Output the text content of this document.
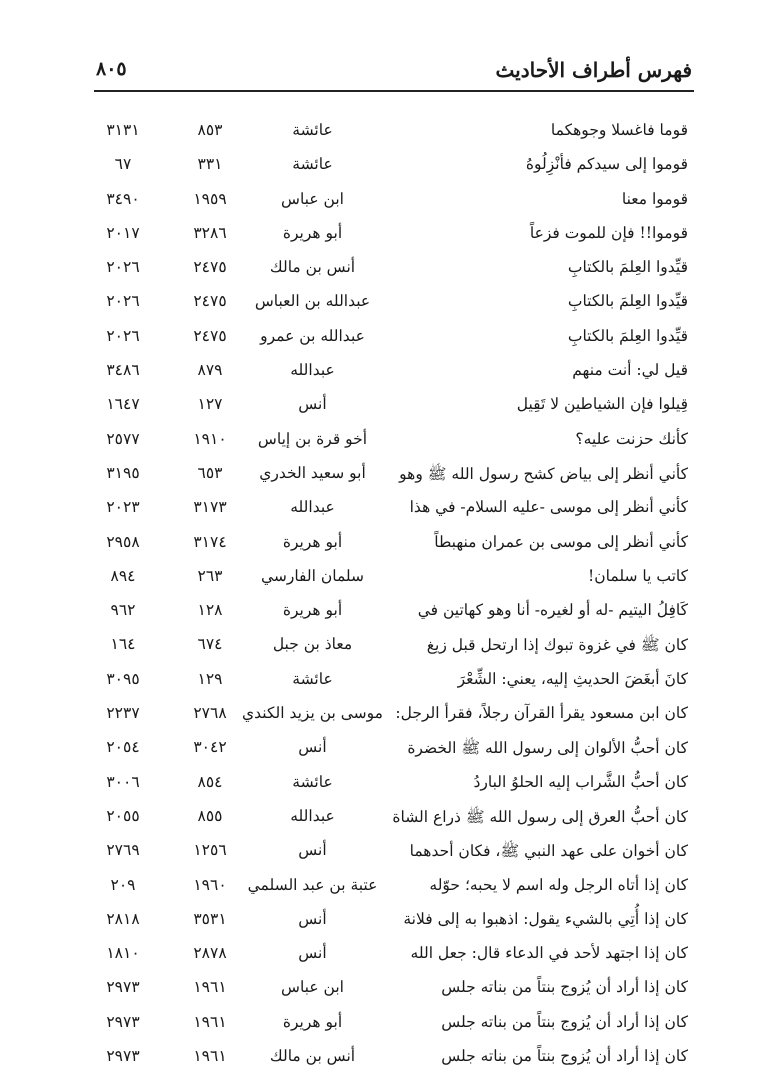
فهرس أطراف الأحاديث
٨٠٥
قوما فاغسلا وجوهكما
عائشة
٨٥٣
٣١٣١
قوموا إلى سيدكم فأنْزِلُوهُ
عائشة
٣٣١
٦٧
قوموا معنا
ابن عباس
١٩٥٩
٣٤٩٠
قوموا!! فإن للموت فزعاً
أبو هريرة
٣٢٨٦
٢٠١٧
قيِّدوا العِلمَ بالكتابِ
أنس بن مالك
٢٤٧٥
٢٠٢٦
قيِّدوا العِلمَ بالكتابِ
عبدالله بن العباس
٢٤٧٥
٢٠٢٦
قيِّدوا العِلمَ بالكتابِ
عبدالله بن عمرو
٢٤٧٥
٢٠٢٦
قيل لي: أنت منهم
عبدالله
٨٧٩
٣٤٨٦
قِيلوا فإن الشياطين لا تَقِيل
أنس
١٢٧
١٦٤٧
كأنك حزنت عليه؟
أخو قرة بن إياس
١٩١٠
٢٥٧٧
كأني أنظر إلى بياض كشح رسول الله ﷺ وهو
أبو سعيد الخدري
٦٥٣
٣١٩٥
كأني أنظر إلى موسى -عليه السلام- في هذا
عبدالله
٣١٧٣
٢٠٢٣
كأني أنظر إلى موسى بن عمران منهبطاً
أبو هريرة
٣١٧٤
٢٩٥٨
كاتب يا سلمان!
سلمان الفارسي
٢٦٣
٨٩٤
كَافِلُ اليتيم -له أو لغيره- أنا وهو كهاتين في
أبو هريرة
١٢٨
٩٦٢
كان ﷺ في غزوة تبوك إذا ارتحل قبل زيغ
معاذ بن جبل
٦٧٤
١٦٤
كانَ أبغَضَ الحديثِ إليه، يعني: الشِّعْرَ
عائشة
١٢٩
٣٠٩٥
كان ابن مسعود يقرأ القرآن رجلاً، فقرأ الرجل:
موسى بن يزيد الكندي
٢٧٦٨
٢٢٣٧
كان أحبُّ الألوان إلى رسول الله ﷺ الخضرة
أنس
٣٠٤٢
٢٠٥٤
كان أحبُّ الشَّراب إليه الحلوُ الباردُ
عائشة
٨٥٤
٣٠٠٦
كان أحبُّ العرق إلى رسول الله ﷺ ذراع الشاة
عبدالله
٨٥٥
٢٠٥٥
كان أخوان على عهد النبي ﷺ، فكان أحدهما
أنس
١٢٥٦
٢٧٦٩
كان إذا أتاه الرجل وله اسم لا يحبه؛ حوّله
عتبة بن عبد السلمي
١٩٦٠
٢٠٩
كان إذا أُتِي بالشيء يقول: اذهبوا به إلى فلانة
أنس
٣٥٣١
٢٨١٨
كان إذا اجتهد لأحد في الدعاء قال: جعل الله
أنس
٢٨٧٨
١٨١٠
كان إذا أراد أن يُزوج بنتاً من بناته جلس
ابن عباس
١٩٦١
٢٩٧٣
كان إذا أراد أن يُزوج بنتاً من بناته جلس
أبو هريرة
١٩٦١
٢٩٧٣
كان إذا أراد أن يُزوج بنتاً من بناته جلس
أنس بن مالك
١٩٦١
٢٩٧٣
